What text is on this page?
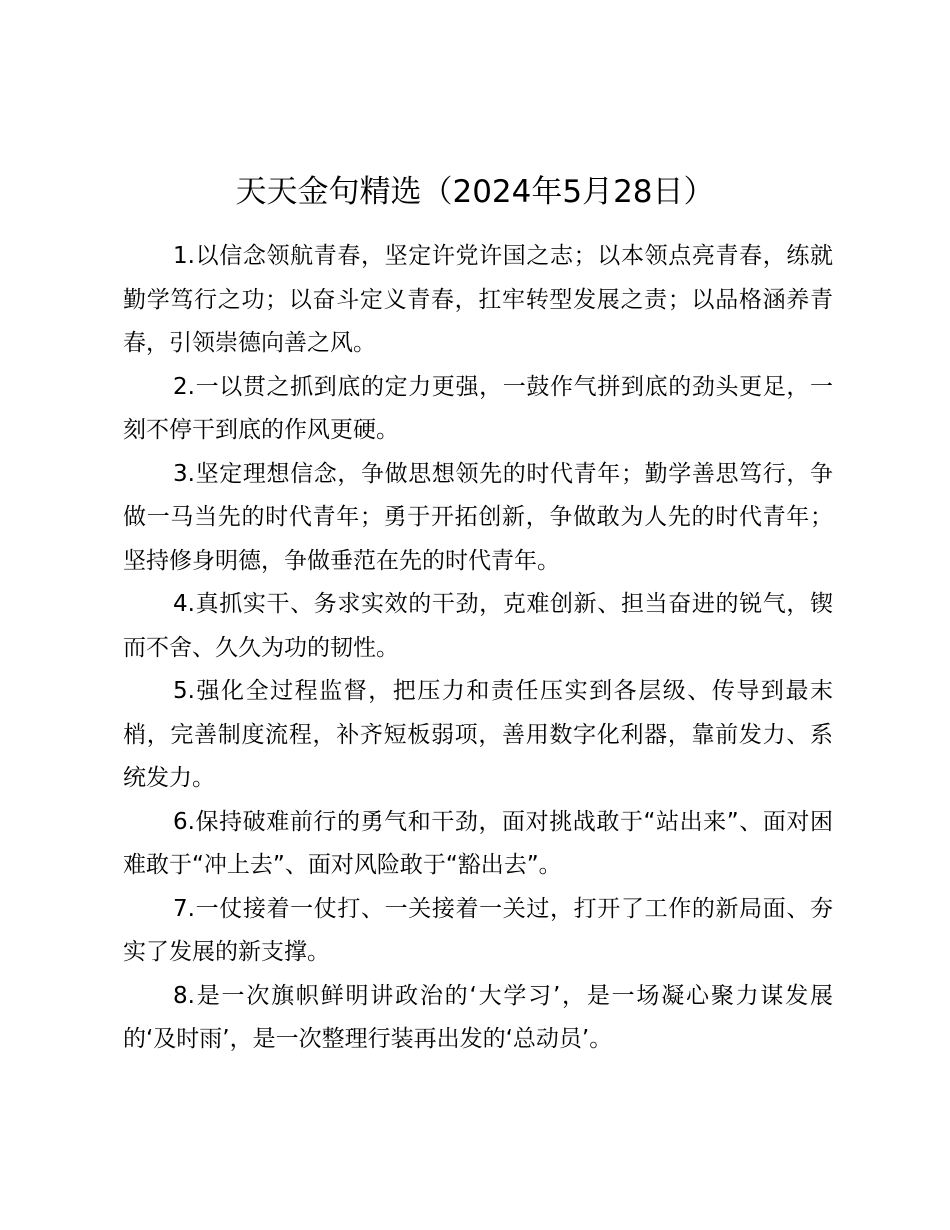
天天金句精选（2024年5月28日）

1.以信念领航青春，坚定许党许国之志；以本领点亮青春，练就勤学笃行之功；以奋斗定义青春，扛牢转型发展之责；以品格涵养青春，引领崇德向善之风。

2.一以贯之抓到底的定力更强，一鼓作气拼到底的劲头更足，一刻不停干到底的作风更硬。

3.坚定理想信念，争做思想领先的时代青年；勤学善思笃行，争做一马当先的时代青年；勇于开拓创新，争做敢为人先的时代青年；坚持修身明德，争做垂范在先的时代青年。

4.真抓实干、务求实效的干劲，克难创新、担当奋进的锐气，锲而不舍、久久为功的韧性。

5.强化全过程监督，把压力和责任压实到各层级、传导到最末梢，完善制度流程，补齐短板弱项，善用数字化利器，靠前发力、系统发力。

6.保持破难前行的勇气和干劲，面对挑战敢于“站出来”、面对困难敢于“冲上去”、面对风险敢于“豁出去”。

7.一仗接着一仗打、一关接着一关过，打开了工作的新局面、夯实了发展的新支撑。

8.是一次旗帜鲜明讲政治的‘大学习’，是一场凝心聚力谋发展的‘及时雨’，是一次整理行装再出发的‘总动员’。
